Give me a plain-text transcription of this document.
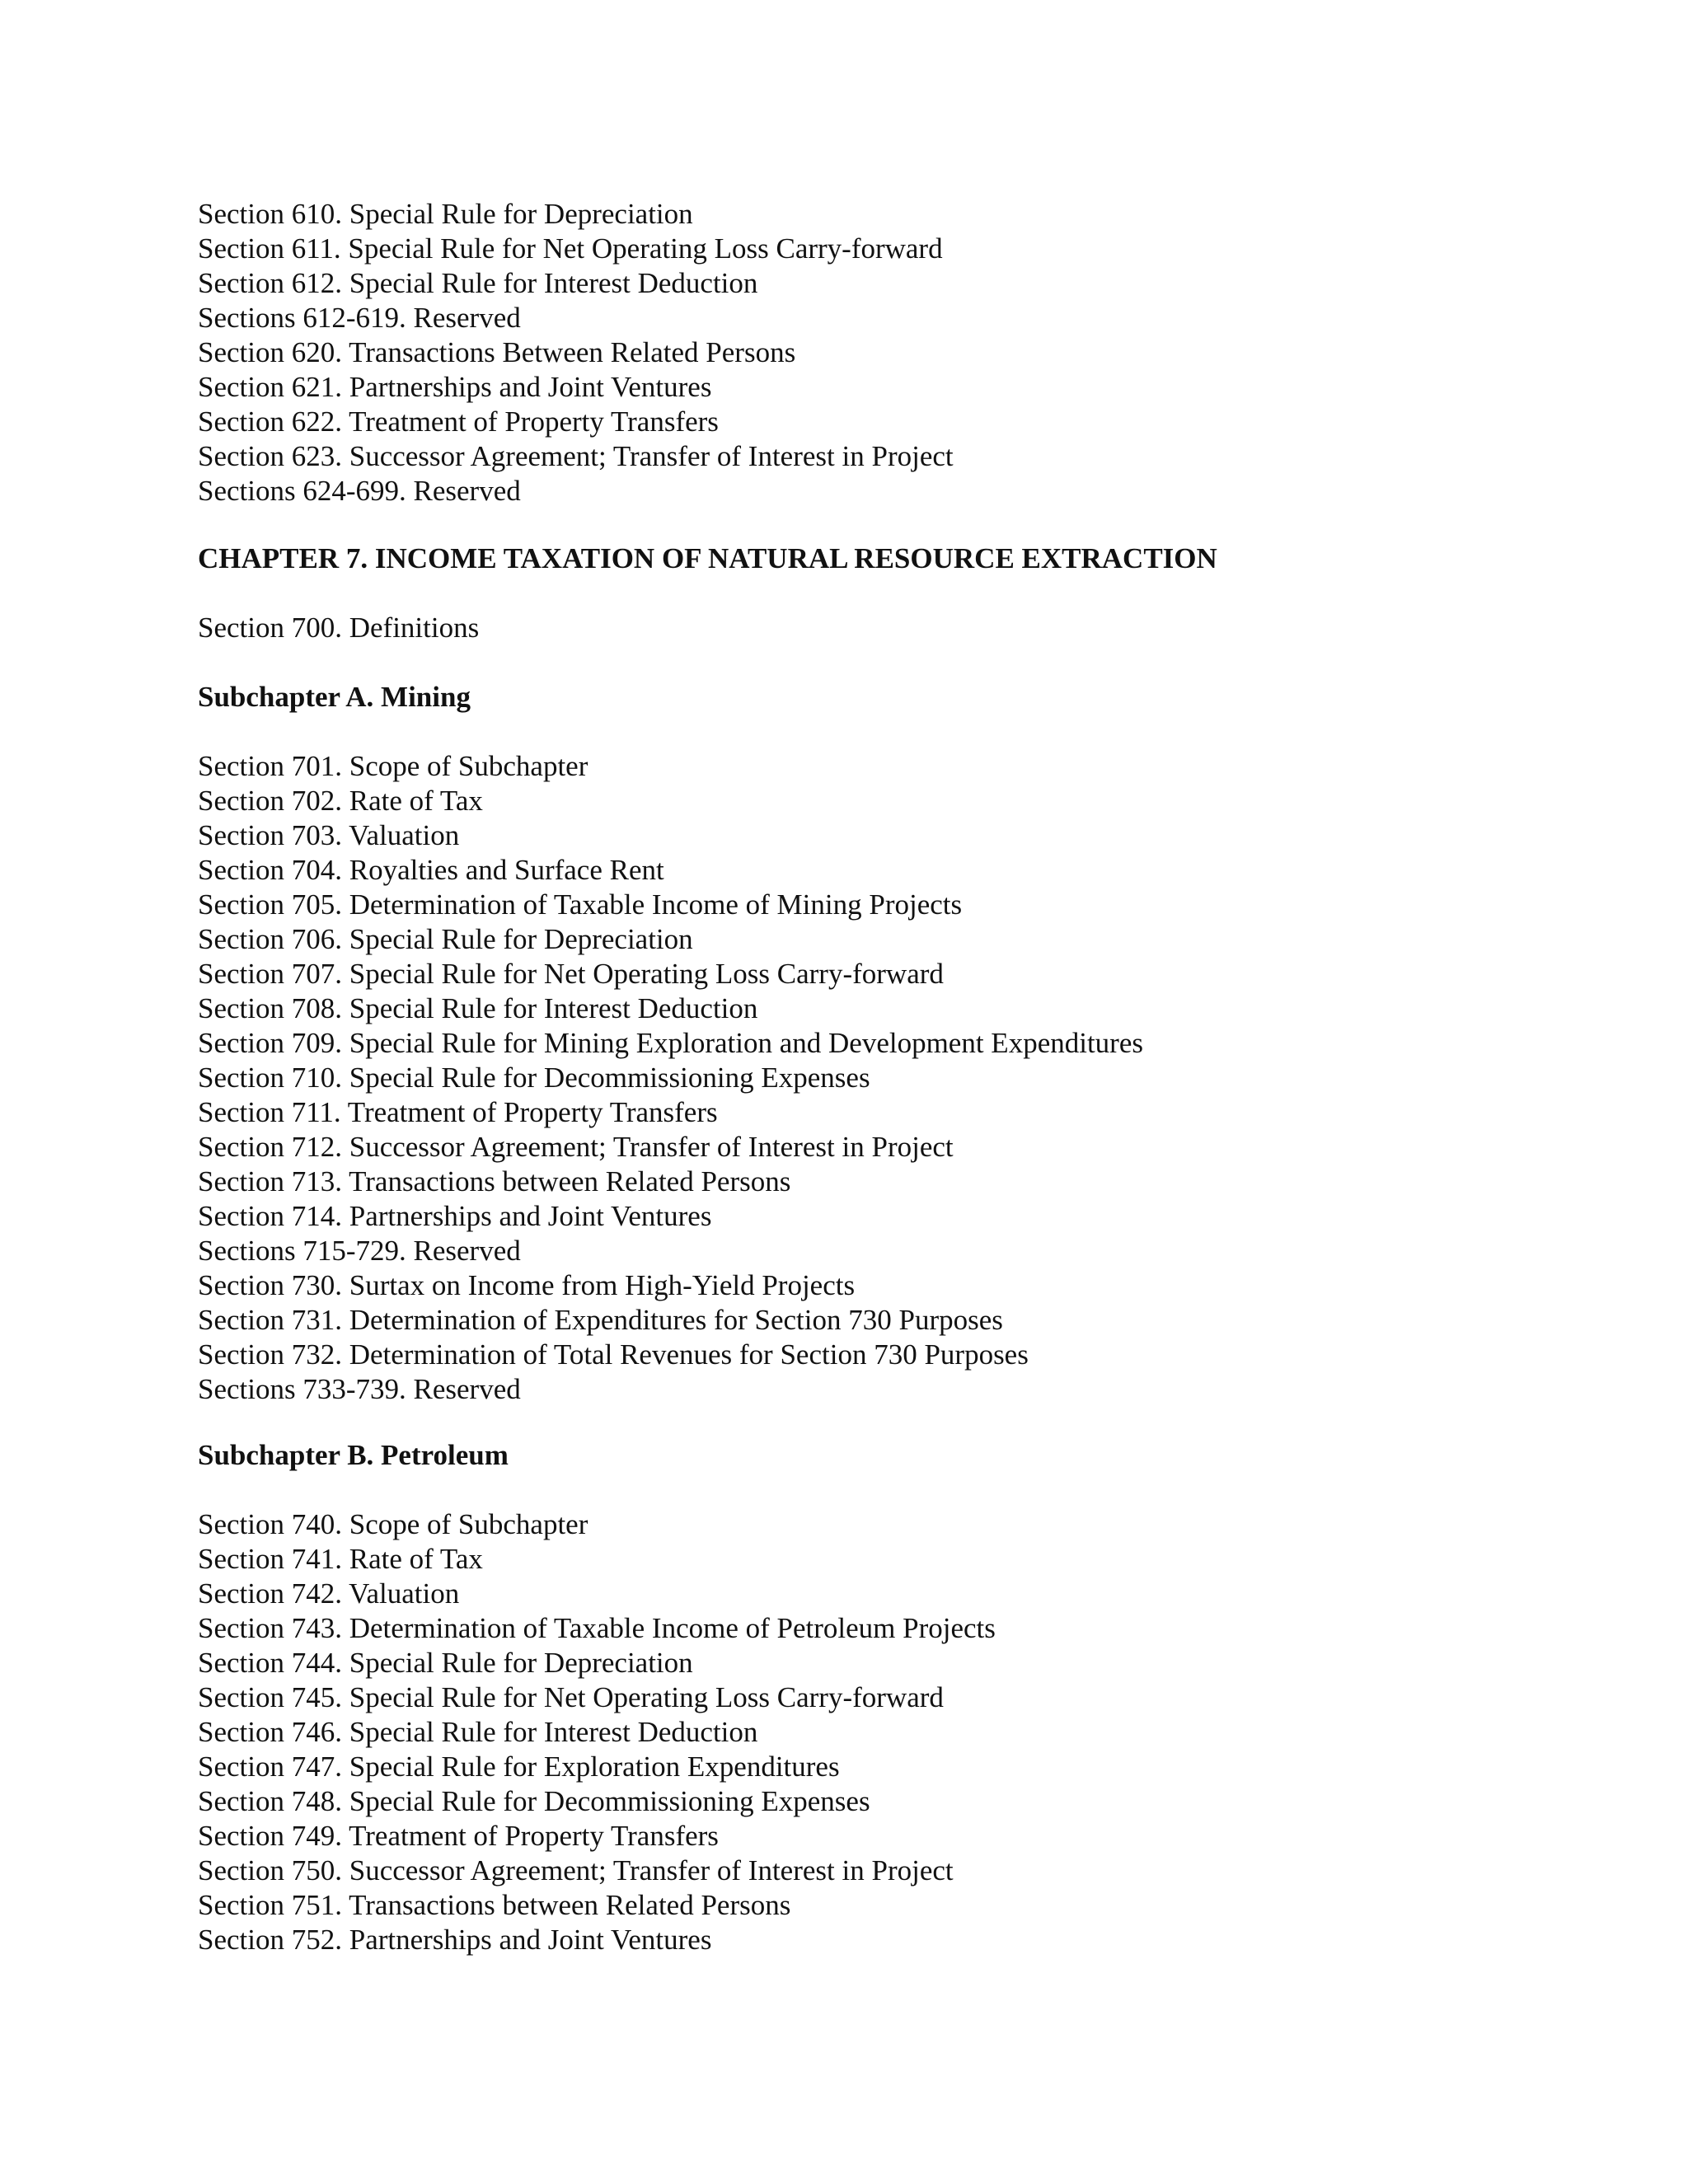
Section 610. Special Rule for Depreciation
Section 611. Special Rule for Net Operating Loss Carry-forward
Section 612. Special Rule for Interest Deduction
Sections 612-619. Reserved
Section 620. Transactions Between Related Persons
Section 621. Partnerships and Joint Ventures
Section 622. Treatment of Property Transfers
Section 623. Successor Agreement; Transfer of Interest in Project
Sections 624-699. Reserved
CHAPTER 7. INCOME TAXATION OF NATURAL RESOURCE EXTRACTION
Section 700. Definitions
Subchapter A. Mining
Section 701. Scope of Subchapter
Section 702. Rate of Tax
Section 703. Valuation
Section 704. Royalties and Surface Rent
Section 705. Determination of Taxable Income of Mining Projects
Section 706. Special Rule for Depreciation
Section 707. Special Rule for Net Operating Loss Carry-forward
Section 708. Special Rule for Interest Deduction
Section 709. Special Rule for Mining Exploration and Development Expenditures
Section 710. Special Rule for Decommissioning Expenses
Section 711. Treatment of Property Transfers
Section 712. Successor Agreement; Transfer of Interest in Project
Section 713. Transactions between Related Persons
Section 714. Partnerships and Joint Ventures
Sections 715-729. Reserved
Section 730. Surtax on Income from High-Yield Projects
Section 731. Determination of Expenditures for Section 730 Purposes
Section 732. Determination of Total Revenues for Section 730 Purposes
Sections 733-739. Reserved
Subchapter B. Petroleum
Section 740. Scope of Subchapter
Section 741. Rate of Tax
Section 742. Valuation
Section 743. Determination of Taxable Income of Petroleum Projects
Section 744. Special Rule for Depreciation
Section 745. Special Rule for Net Operating Loss Carry-forward
Section 746. Special Rule for Interest Deduction
Section 747. Special Rule for Exploration Expenditures
Section 748. Special Rule for Decommissioning Expenses
Section 749. Treatment of Property Transfers
Section 750. Successor Agreement; Transfer of Interest in Project
Section 751. Transactions between Related Persons
Section 752. Partnerships and Joint Ventures
